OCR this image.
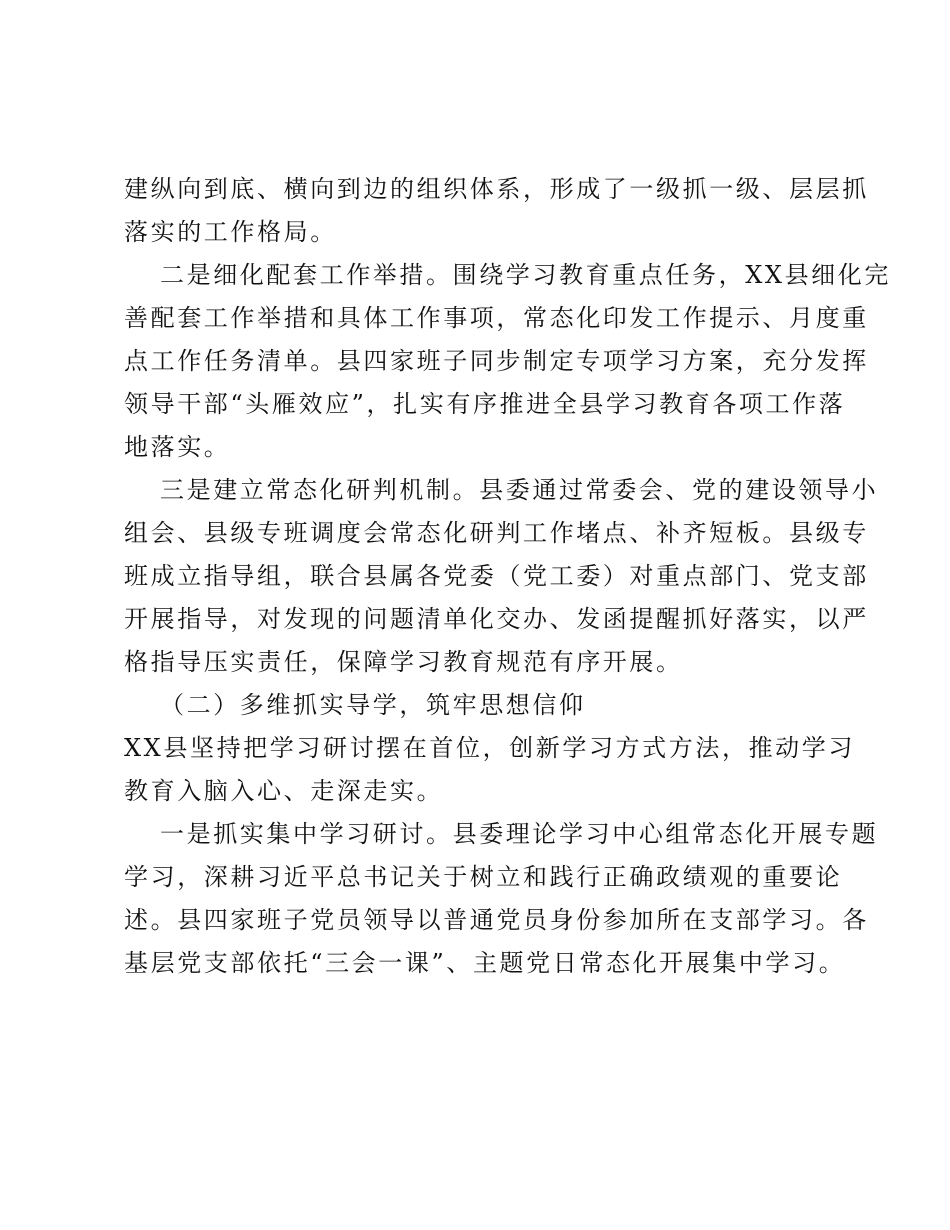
建纵向到底、横向到边的组织体系，形成了一级抓一级、层层抓
落实的工作格局。

二是细化配套工作举措。围绕学习教育重点任务，XX县细化完
善配套工作举措和具体工作事项，常态化印发工作提示、月度重
点工作任务清单。县四家班子同步制定专项学习方案，充分发挥
领导干部“头雁效应”，扎实有序推进全县学习教育各项工作落
地落实。

三是建立常态化研判机制。县委通过常委会、党的建设领导小
组会、县级专班调度会常态化研判工作堵点、补齐短板。县级专
班成立指导组，联合县属各党委（党工委）对重点部门、党支部
开展指导，对发现的问题清单化交办、发函提醒抓好落实，以严
格指导压实责任，保障学习教育规范有序开展。

（二）多维抓实导学，筑牢思想信仰

XX县坚持把学习研讨摆在首位，创新学习方式方法，推动学习
教育入脑入心、走深走实。

一是抓实集中学习研讨。县委理论学习中心组常态化开展专题
学习，深耕习近平总书记关于树立和践行正确政绩观的重要论
述。县四家班子党员领导以普通党员身份参加所在支部学习。各
基层党支部依托“三会一课”、主题党日常态化开展集中学习。
